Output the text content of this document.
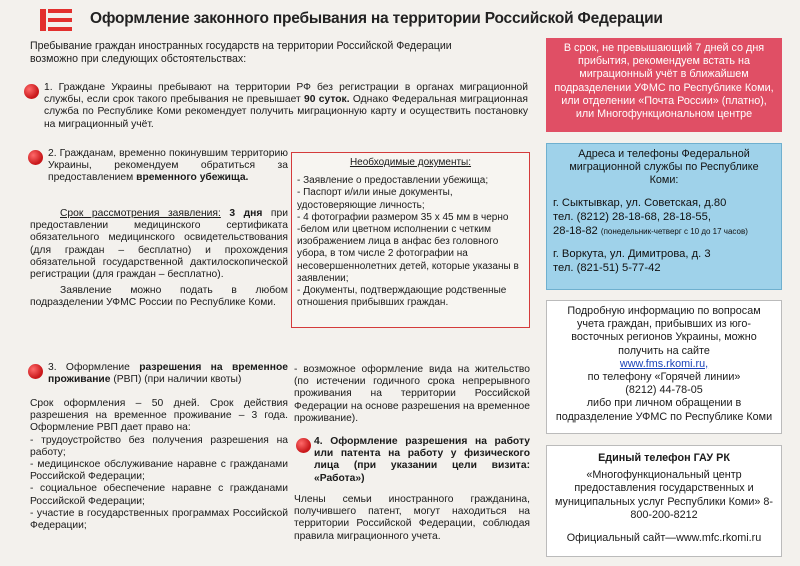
Оформление законного пребывания на территории Российской Федерации
Пребывание граждан иностранных государств на территории Российской Федерации возможно при следующих обстоятельствах:

1. Граждане Украины пребывают на территории РФ без регистрации в органах миграционной службы, если срок такого пребывания не превышает 90 суток. Однако Федеральная миграционная служба по Республике Коми рекомендует получить миграционную карту и осуществить постановку на миграционный учёт.

2. Гражданам, временно покинувшим территорию Украины, рекомендуем обратиться за предоставлением временного убежища.

Срок рассмотрения заявления: 3 дня при предоставлении медицинского сертификата обязательного медицинского освидетельствования (для граждан – бесплатно) и прохождения обязательной государственной дактилоскопической регистрации (для граждан – бесплатно).

Заявление можно подать в любом подразделении УФМС России по Республике Коми.

Необходимые документы:
- Заявление о предоставлении убежища;
- Паспорт и/или иные документы, удостоверяющие личность;
- 4 фотографии размером 35 х 45 мм в черно -белом или цветном исполнении с четким изображением лица в анфас без головного убора, в том числе 2 фотографии на несовершеннолетних детей, которые указаны в заявлении;
- Документы, подтверждающие родственные отношения прибывших граждан.

3. Оформление разрешения на временное проживание (РВП) (при наличии квоты)

Срок оформления – 50 дней. Срок действия разрешения на временное проживание – 3 года. Оформление РВП дает право на:

- трудоустройство без получения разрешения на работу;

- медицинское обслуживание наравне с гражданами Российской Федерации;

- социальное обеспечение наравне с гражданами Российской Федерации;

- участие в государственных программах Российской Федерации;

- возможное оформление вида на жительство (по истечении годичного срока непрерывного проживания на территории Российской Федерации на основе разрешения на временное проживание).

4. Оформление разрешения на работу или патента на работу у физического лица (при указании цели визита: «Работа»)

Члены семьи иностранного гражданина, получившего патент, могут находиться на территории Российской Федерации, соблюдая правила миграционного учета.
В срок, не превышающий 7 дней со дня прибытия, рекомендуем встать на миграционный учёт в ближайшем подразделении УФМС по Республике Коми, или отделении «Почта России» (платно), или Многофункциональном центре
Адреса и телефоны Федеральной миграционной службы по Республике Коми:
г. Сыктывкар, ул. Советская, д.80
тел. (8212) 28-18-68, 28-18-55,
28-18-82 (понедельник-четверг с 10 до 17 часов)
г. Воркута, ул. Димитрова, д. 3
тел. (821-51) 5-77-42
Подробную информацию по вопросам учета граждан, прибывших из юго-восточных регионов Украины, можно получить на сайте
www.fms.rkomi.ru,
по телефону «Горячей линии»
(8212) 44-78-05
либо при личном обращении в подразделение УФМС по Республике Коми
Единый телефон ГАУ РК
«Многофункциональный центр предоставления государственных и муниципальных услуг Республики Коми» 8-800-200-8212
Официальный сайт—www.mfc.rkomi.ru
